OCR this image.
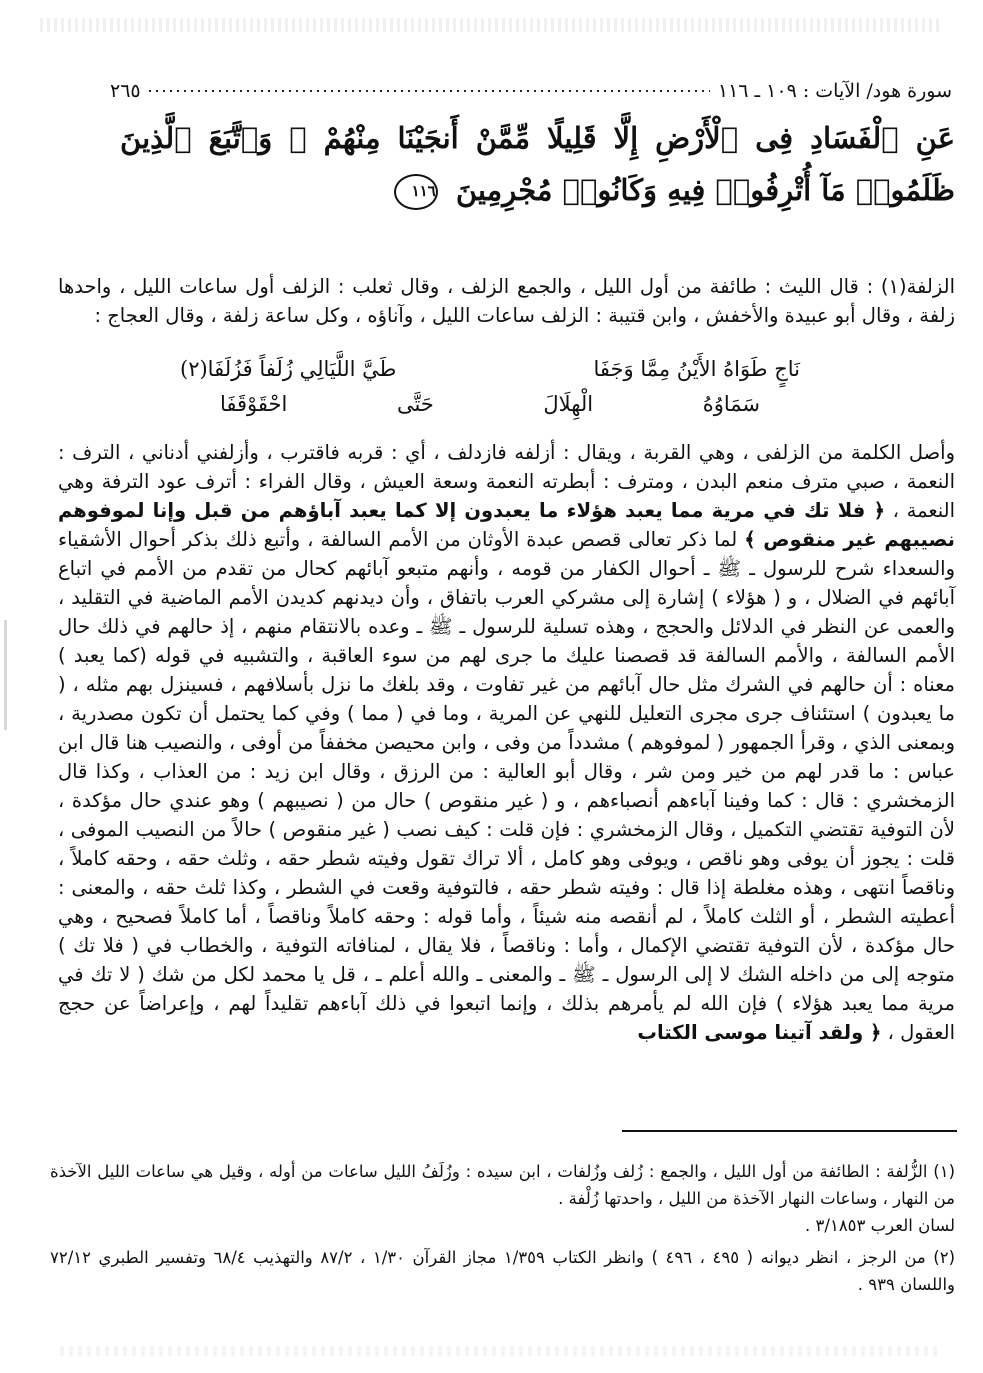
سورة هود/ الآيات : ١٠٩ ـ ١١٦
٢٦٥
عَنِ ٱلْفَسَادِ فِى ٱلْأَرْضِ إِلَّا قَلِيلًا مِّمَّنْ أَنجَيْنَا مِنْهُمْ ۗ وَٱتَّبَعَ ٱلَّذِينَ ظَلَمُوا۟ مَآ أُتْرِفُوا۟ فِيهِ وَكَانُوا۟ مُجْرِمِينَ ١١٦
الزلفة(١) : قال الليث : طائفة من أول الليل ، والجمع الزلف ، وقال ثعلب : الزلف أول ساعات الليل ، واحدها زلفة ، وقال أبو عبيدة والأخفش ، وابن قتيبة : الزلف ساعات الليل ، وآناؤه ، وكل ساعة زلفة ، وقال العجاج :
نَاجٍ طَوَاهُ الأَيْنُ مِمَّا وَجَفَا
طَيَّ اللَّيَالِي زُلَفاً فَزُلَفَا(٢)
سَمَاوُهُ
الْهِلَالَ
حَتَّى
احْقَوْقَفَا
وأصل الكلمة من الزلفى ، وهي القربة ، ويقال : أزلفه فازدلف ، أي : قربه فاقترب ، وأزلفني أدناني ، الترف : النعمة ، صبي مترف منعم البدن ، ومترف : أبطرته النعمة وسعة العيش ، وقال الفراء : أترف عود الترفة وهي النعمة ، ﴿ فلا تك في مرية مما يعبد هؤلاء ما يعبدون إلا كما يعبد آباؤهم من قبل وإنا لموفوهم نصيبهم غير منقوص ﴾ لما ذكر تعالى قصص عبدة الأوثان من الأمم السالفة ، وأتبع ذلك بذكر أحوال الأشقياء والسعداء شرح للرسول ـ ﷺ ـ أحوال الكفار من قومه ، وأنهم متبعو آبائهم كحال من تقدم من الأمم في اتباع آبائهم في الضلال ، و ( هؤلاء ) إشارة إلى مشركي العرب باتفاق ، وأن ديدنهم كديدن الأمم الماضية في التقليد ، والعمى عن النظر في الدلائل والحجج ، وهذه تسلية للرسول ـ ﷺ ـ وعده بالانتقام منهم ، إذ حالهم في ذلك حال الأمم السالفة ، والأمم السالفة قد قصصنا عليك ما جرى لهم من سوء العاقبة ، والتشبيه في قوله (كما يعبد ) معناه : أن حالهم في الشرك مثل حال آبائهم من غير تفاوت ، وقد بلغك ما نزل بأسلافهم ، فسينزل بهم مثله ، ( ما يعبدون ) استئناف جرى مجرى التعليل للنهي عن المرية ، وما في ( مما ) وفي كما يحتمل أن تكون مصدرية ، وبمعنى الذي ، وقرأ الجمهور ( لموفوهم ) مشدداً من وفى ، وابن محيصن مخففاً من أوفى ، والنصيب هنا قال ابن عباس : ما قدر لهم من خير ومن شر ، وقال أبو العالية : من الرزق ، وقال ابن زيد : من العذاب ، وكذا قال الزمخشري : قال : كما وفينا آباءهم أنصباءهم ، و ( غير منقوص ) حال من ( نصيبهم ) وهو عندي حال مؤكدة ، لأن التوفية تقتضي التكميل ، وقال الزمخشري : فإن قلت : كيف نصب ( غير منقوص ) حالاً من النصيب الموفى ، قلت : يجوز أن يوفى وهو ناقص ، ويوفى وهو كامل ، ألا تراك تقول وفيته شطر حقه ، وثلث حقه ، وحقه كاملاً ، وناقصاً انتهى ، وهذه مغلطة إذا قال : وفيته شطر حقه ، فالتوفية وقعت في الشطر ، وكذا ثلث حقه ، والمعنى : أعطيته الشطر ، أو الثلث كاملاً ، لم أنقصه منه شيئاً ، وأما قوله : وحقه كاملاً وناقصاً ، أما كاملاً فصحيح ، وهي حال مؤكدة ، لأن التوفية تقتضي الإكمال ، وأما : وناقصاً ، فلا يقال ، لمنافاته التوفية ، والخطاب في ( فلا تك ) متوجه إلى من داخله الشك لا إلى الرسول ـ ﷺ ـ والمعنى ـ والله أعلم ـ ، قل يا محمد لكل من شك ( لا تك في مرية مما يعبد هؤلاء ) فإن الله لم يأمرهم بذلك ، وإنما اتبعوا في ذلك آباءهم تقليداً لهم ، وإعراضاً عن حجج العقول ، ﴿ ولقد آتينا موسى الكتاب
(١) الزُّلفة : الطائفة من أول الليل ، والجمع : زُلف وزُلفات ، ابن سيده : وزُلَفُ الليل ساعات من أوله ، وقيل هي ساعات الليل الآخذة من النهار ، وساعات النهار الآخذة من الليل ، واحدتها زُلْفة .
لسان العرب ٣/١٨٥٣ .
(٢) من الرجز ، انظر ديوانه ( ٤٩٥ ، ٤٩٦ ) وانظر الكتاب ١/٣٥٩ مجاز القرآن ١/٣٠ ، ٨٧/٢ والتهذيب ٦٨/٤ وتفسير الطبري ٧٢/١٢ واللسان ٩٣٩ .
